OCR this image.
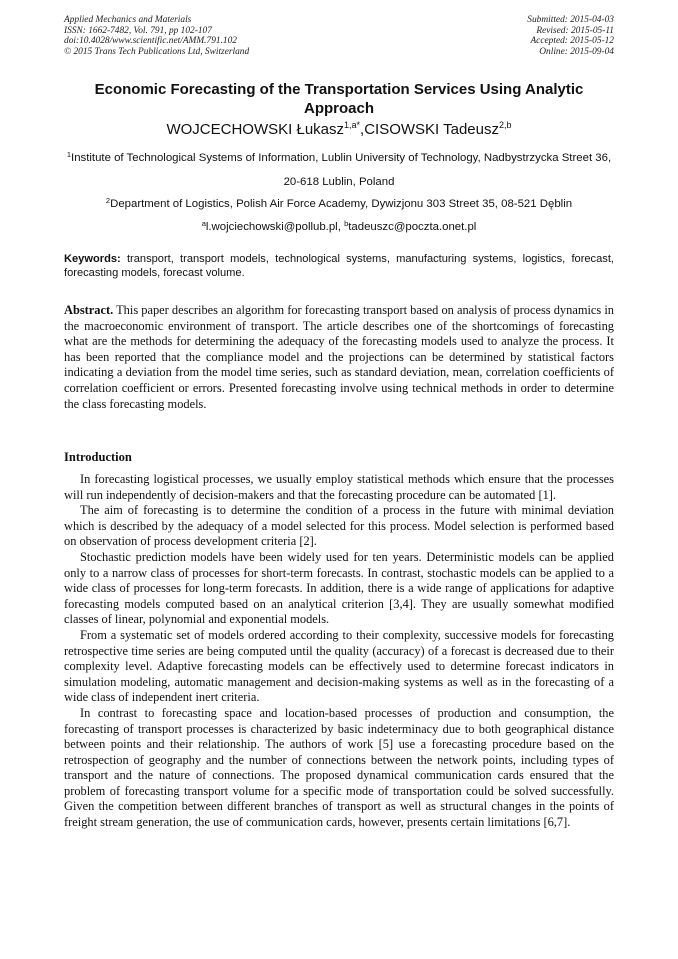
Applied Mechanics and Materials
ISSN: 1662-7482, Vol. 791, pp 102-107
doi:10.4028/www.scientific.net/AMM.791.102
© 2015 Trans Tech Publications Ltd, Switzerland
Submitted: 2015-04-03
Revised: 2015-05-11
Accepted: 2015-05-12
Online: 2015-09-04
Economic Forecasting of the Transportation Services Using Analytic Approach
WOJCECHOWSKI Łukasz$^{1,a*}$,CISOWSKI Tadeusz$^{2,b}$
$^1$Institute of Technological Systems of Information, Lublin University of Technology, Nadbystrzycka Street 36, 20-618 Lublin, Poland
$^2$Department of Logistics, Polish Air Force Academy, Dywizjonu 303 Street 35, 08-521 Dęblin
$^a$l.wojciechowski@pollub.pl, $^b$tadeuszc@poczta.onet.pl
Keywords: transport, transport models, technological systems, manufacturing systems, logistics, forecast, forecasting models, forecast volume.
Abstract. This paper describes an algorithm for forecasting transport based on analysis of process dynamics in the macroeconomic environment of transport. The article describes one of the shortcomings of forecasting what are the methods for determining the adequacy of the forecasting models used to analyze the process. It has been reported that the compliance model and the projections can be determined by statistical factors indicating a deviation from the model time series, such as standard deviation, mean, correlation coefficients of correlation coefficient or errors. Presented forecasting involve using technical methods in order to determine the class forecasting models.
Introduction

In forecasting logistical processes, we usually employ statistical methods which ensure that the processes will run independently of decision-makers and that the forecasting procedure can be automated [1].

The aim of forecasting is to determine the condition of a process in the future with minimal deviation which is described by the adequacy of a model selected for this process. Model selection is performed based on observation of process development criteria [2].

Stochastic prediction models have been widely used for ten years. Deterministic models can be applied only to a narrow class of processes for short-term forecasts. In contrast, stochastic models can be applied to a wide class of processes for long-term forecasts. In addition, there is a wide range of applications for adaptive forecasting models computed based on an analytical criterion [3,4]. They are usually somewhat modified classes of linear, polynomial and exponential models.

From a systematic set of models ordered according to their complexity, successive models for forecasting retrospective time series are being computed until the quality (accuracy) of a forecast is decreased due to their complexity level. Adaptive forecasting models can be effectively used to determine forecast indicators in simulation modeling, automatic management and decision-making systems as well as in the forecasting of a wide class of independent inert criteria.

In contrast to forecasting space and location-based processes of production and consumption, the forecasting of transport processes is characterized by basic indeterminacy due to both geographical distance between points and their relationship. The authors of work [5] use a forecasting procedure based on the retrospection of geography and the number of connections between the network points, including types of transport and the nature of connections. The proposed dynamical communication cards ensured that the problem of forecasting transport volume for a specific mode of transportation could be solved successfully. Given the competition between different branches of transport as well as structural changes in the points of freight stream generation, the use of communication cards, however, presents certain limitations [6,7].
